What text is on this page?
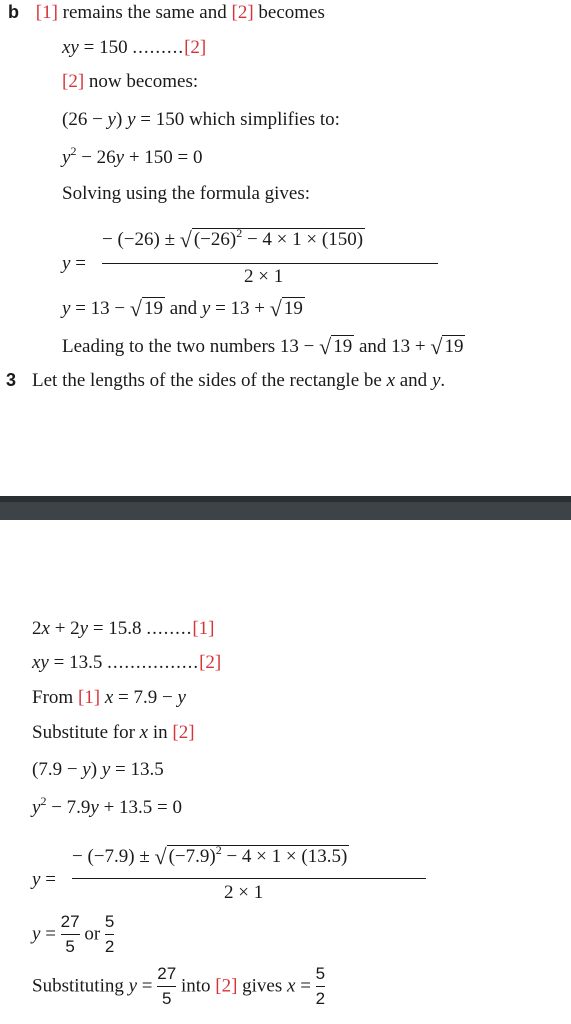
b [1] remains the same and [2] becomes
xy = 150 .........[2]
[2] now becomes:
(26 − y) y = 150 which simplifies to:
$y^2 - 26y + 150 = 0$
Solving using the formula gives:
y =
− (−26) ± √ $(-26)^2 - 4 \times 1 \times (150)$
2 × 1
y = 13 − √ 19 and y = 13 + √ 19
Leading to the two numbers 13 − √ 19 and 13 + √ 19
3 Let the lengths of the sides of the rectangle be x and y.
2x + 2y = 15.8 ........[1]
xy = 13.5 ................[2]
From [1] x = 7.9 − y
Substitute for x in [2]
(7.9 − y) y = 13.5
$y^2 - 7.9y + 13.5 = 0$
y =
− (−7.9) ± √ $(-7.9)^2 - 4 \times 1 \times (13.5)$
2 × 1
$y = \frac{27}{5}$ or $\frac{5}{2}$
Substituting $y = \frac{27}{5}$ into [2] gives $x = \frac{5}{2}$
